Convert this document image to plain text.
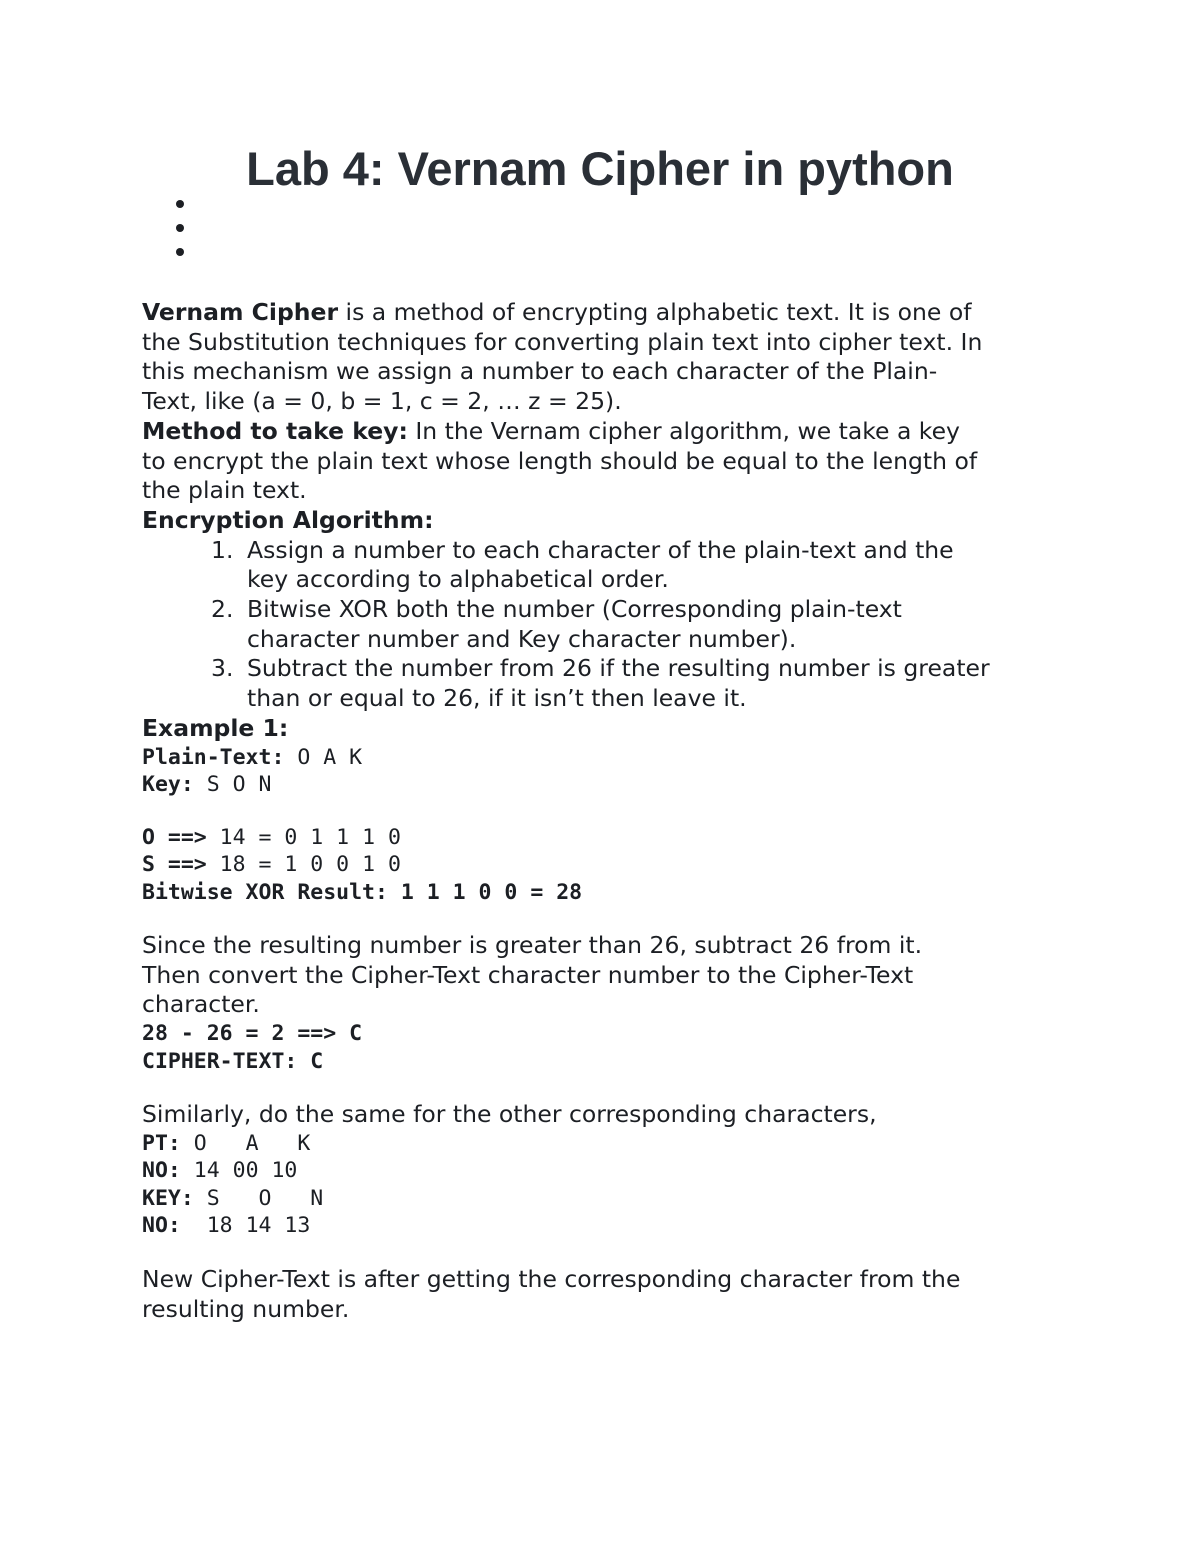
Lab 4: Vernam Cipher in python

Vernam Cipher is a method of encrypting alphabetic text. It is one of
the Substitution techniques for converting plain text into cipher text. In
this mechanism we assign a number to each character of the Plain-
Text, like (a = 0, b = 1, c = 2, … z = 25).

Method to take key: In the Vernam cipher algorithm, we take a key
to encrypt the plain text whose length should be equal to the length of
the plain text.

Encryption Algorithm:

1. Assign a number to each character of the plain-text and the
key according to alphabetical order.
2. Bitwise XOR both the number (Corresponding plain-text
character number and Key character number).
3. Subtract the number from 26 if the resulting number is greater
than or equal to 26, if it isn’t then leave it.

Example 1:

Plain-Text: O A K
Key: S O N
O ==> 14 = 0 1 1 1 0
S ==> 18 = 1 0 0 1 0
Bitwise XOR Result: 1 1 1 0 0 = 28

Since the resulting number is greater than 26, subtract 26 from it.
Then convert the Cipher-Text character number to the Cipher-Text
character.

28 - 26 = 2 ==> C
CIPHER-TEXT: C

Similarly, do the same for the other corresponding characters,

PT: O   A   K
NO: 14 00 10
KEY: S   O   N
NO:  18 14 13

New Cipher-Text is after getting the corresponding character from the
resulting number.
